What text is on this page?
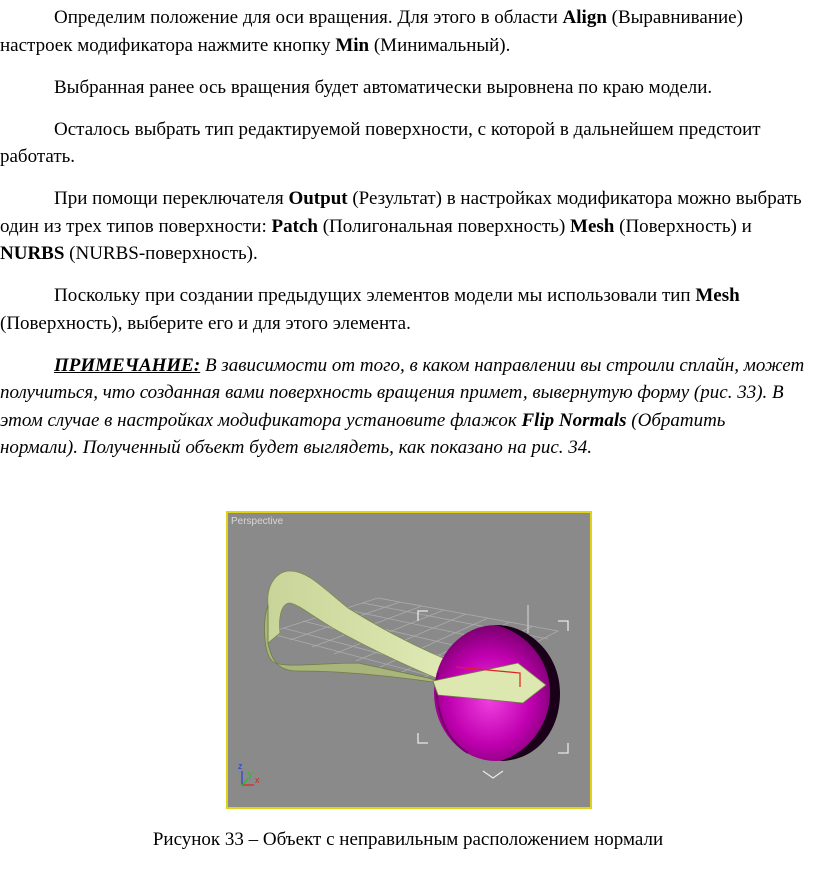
Определим положение для оси вращения. Для этого в области Align (Выравнивание) настроек модификатора нажмите кнопку Min (Минимальный).

Выбранная ранее ось вращения будет автоматически выровнена по краю модели.

Осталось выбрать тип редактируемой поверхности, с которой в дальнейшем предстоит работать.

При помощи переключателя Output (Результат) в настройках модификатора можно выбрать один из трех типов поверхности: Patch (Полигональная поверхность) Mesh (Поверхность) и NURBS (NURBS-поверхность).

Поскольку при создании предыдущих элементов модели мы использовали тип Mesh (Поверхность), выберите его и для этого элемента.

ПРИМЕЧАНИЕ: В зависимости от того, в каком направлении вы строили сплайн, может получиться, что созданная вами поверхность вращения примет, вывернутую форму (рис. 33). В этом случае в настройках модификатора установите флажок Flip Normals (Обратить нормали). Полученный объект будет выглядеть, как показано на рис. 34.

Perspective
x
y
z
Рисунок 33 – Объект с неправильным расположением нормали
